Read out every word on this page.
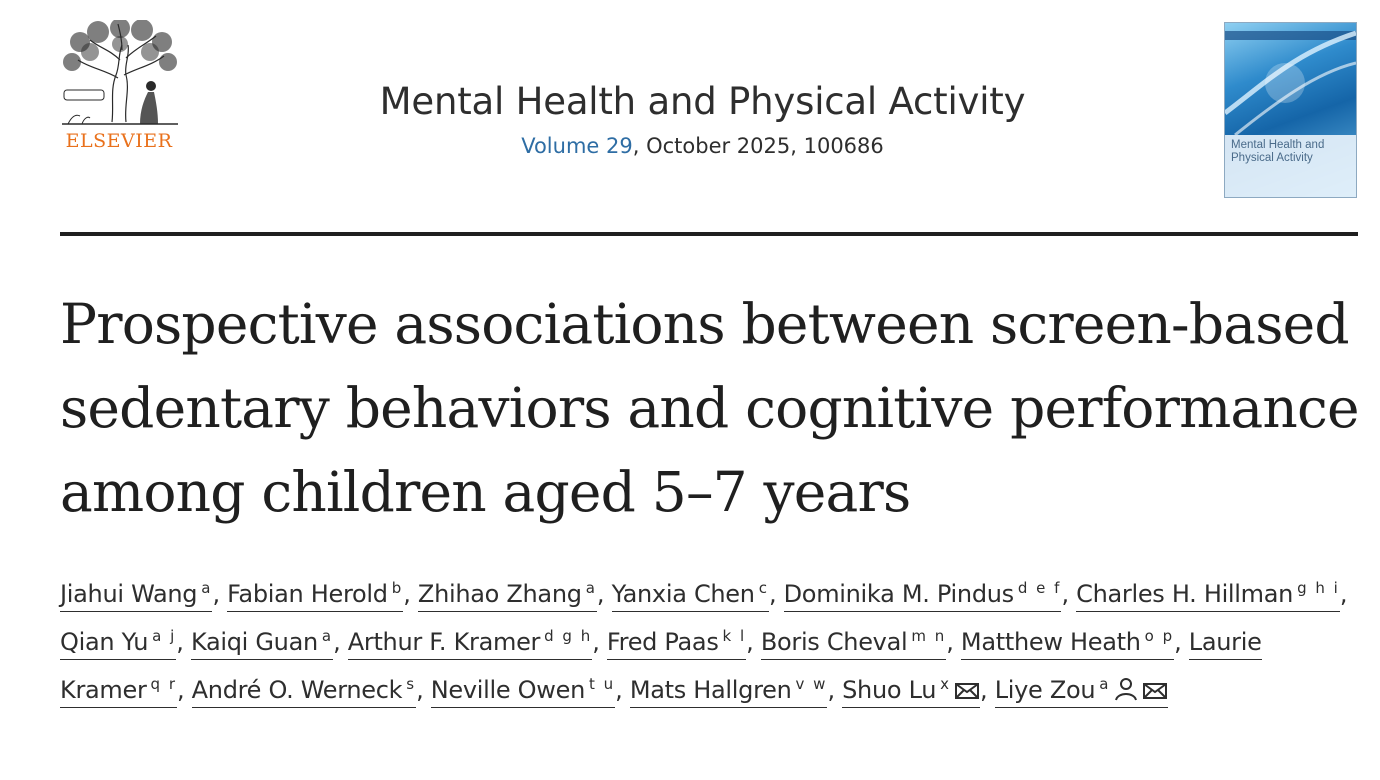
ELSEVIER
Mental Health and Physical Activity
Volume 29, October 2025, 100686	Mental Health and
Physical Activity
Prospective associations between screen-based sedentary behaviors and cognitive performance among children aged 5–7 years
Jiahui Wang $^a$, Fabian Herold $^b$, Zhihao Zhang $^a$, Yanxia Chen $^c$, Dominika M. Pindus $^{d e f}$, Charles H. Hillman $^{g h i}$, Qian Yu $^{a j}$, Kaiqi Guan $^a$, Arthur F. Kramer $^{d g h}$, Fred Paas $^{k l}$, Boris Cheval $^{m n}$, Matthew Heath $^{o p}$, Laurie Kramer $^{q r}$, André O. Werneck $^s$, Neville Owen $^{t u}$, Mats Hallgren $^{v w}$, Shuo Lu $^x$ , Liye Zou $^a$
